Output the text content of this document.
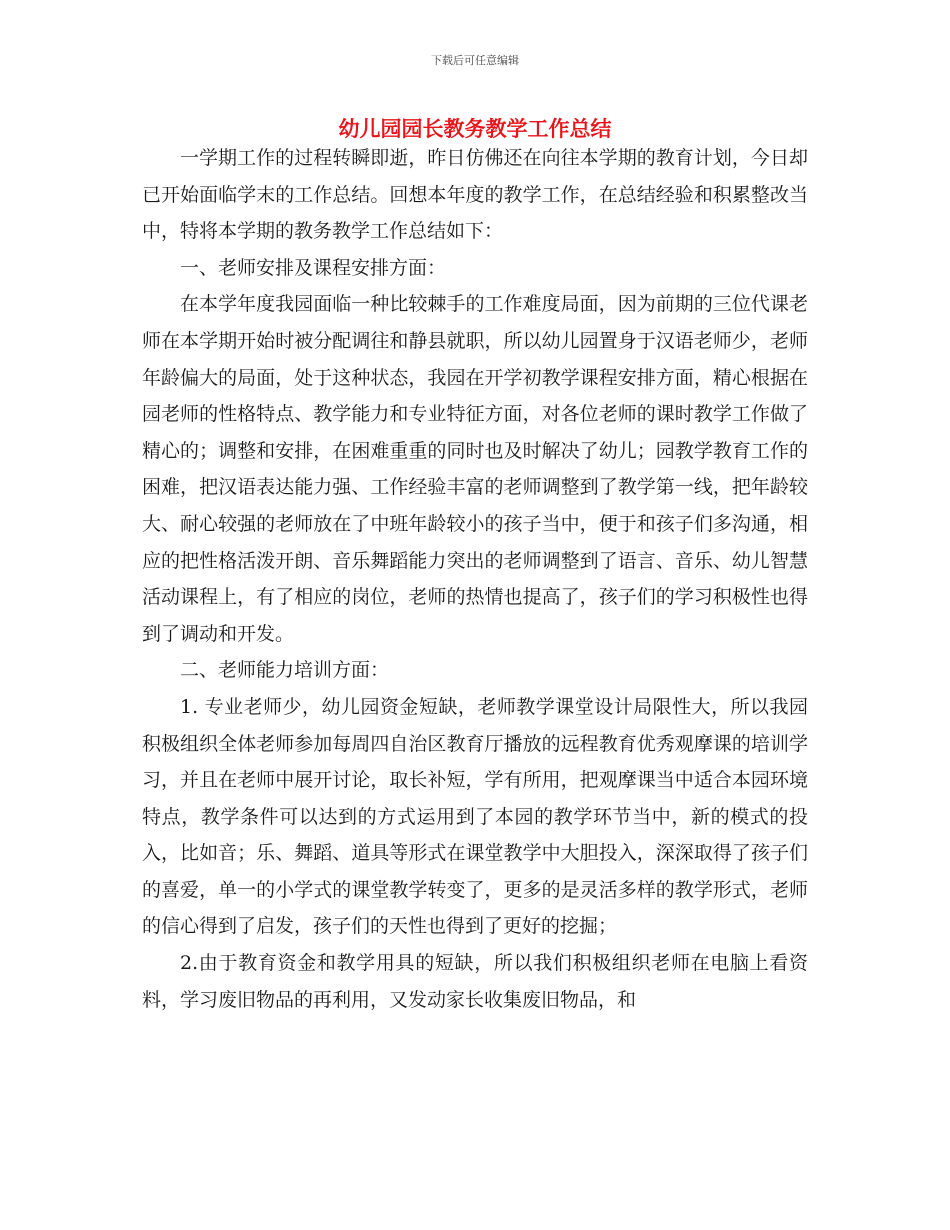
下载后可任意编辑
幼儿园园长教务教学工作总结

一学期工作的过程转瞬即逝，昨日仿佛还在向往本学期的教育计划，今日却已开始面临学末的工作总结。回想本年度的教学工作，在总结经验和积累整改当中，特将本学期的教务教学工作总结如下：

一、老师安排及课程安排方面：

在本学年度我园面临一种比较棘手的工作难度局面，因为前期的三位代课老师在本学期开始时被分配调往和静县就职，所以幼儿园置身于汉语老师少，老师年龄偏大的局面，处于这种状态，我园在开学初教学课程安排方面，精心根据在园老师的性格特点、教学能力和专业特征方面，对各位老师的课时教学工作做了精心的；调整和安排，在困难重重的同时也及时解决了幼儿；园教学教育工作的困难，把汉语表达能力强、工作经验丰富的老师调整到了教学第一线，把年龄较大、耐心较强的老师放在了中班年龄较小的孩子当中，便于和孩子们多沟通，相应的把性格活泼开朗、音乐舞蹈能力突出的老师调整到了语言、音乐、幼儿智慧活动课程上，有了相应的岗位，老师的热情也提高了，孩子们的学习积极性也得到了调动和开发。

二、老师能力培训方面：

1. 专业老师少，幼儿园资金短缺，老师教学课堂设计局限性大，所以我园积极组织全体老师参加每周四自治区教育厅播放的远程教育优秀观摩课的培训学习，并且在老师中展开讨论，取长补短，学有所用，把观摩课当中适合本园环境特点，教学条件可以达到的方式运用到了本园的教学环节当中，新的模式的投入，比如音；乐、舞蹈、道具等形式在课堂教学中大胆投入，深深取得了孩子们的喜爱，单一的小学式的课堂教学转变了，更多的是灵活多样的教学形式，老师的信心得到了启发，孩子们的天性也得到了更好的挖掘；

2.由于教育资金和教学用具的短缺，所以我们积极组织老师在电脑上看资料，学习废旧物品的再利用，又发动家长收集废旧物品，和
